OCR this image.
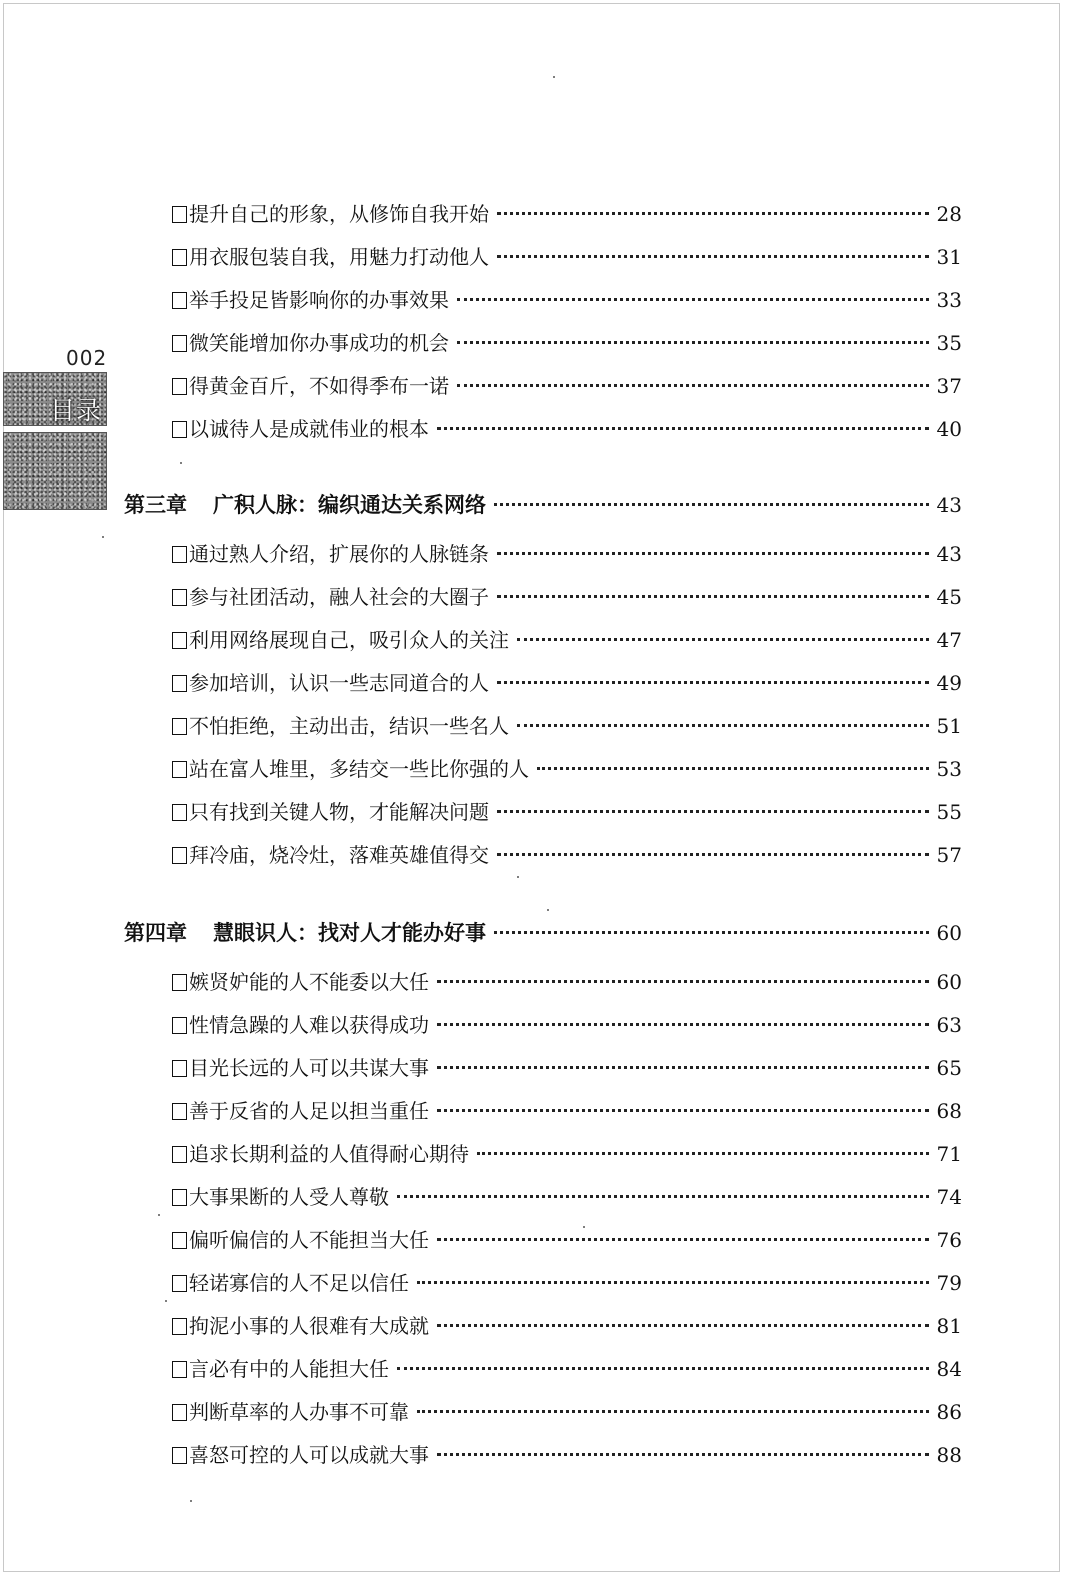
002
目录
提升自己的形象，从修饰自我开始	28
用衣服包装自我，用魅力打动他人	31
举手投足皆影响你的办事效果	33
微笑能增加你办事成功的机会	35
得黄金百斤，不如得季布一诺	37
以诚待人是成就伟业的根本	40
第三章 广积人脉：编织通达关系网络	43
通过熟人介绍，扩展你的人脉链条	43
参与社团活动，融人社会的大圈子	45
利用网络展现自己，吸引众人的关注	47
参加培训，认识一些志同道合的人	49
不怕拒绝，主动出击，结识一些名人	51
站在富人堆里，多结交一些比你强的人	53
只有找到关键人物，才能解决问题	55
拜冷庙，烧冷灶，落难英雄值得交	57
第四章 慧眼识人：找对人才能办好事	60
嫉贤妒能的人不能委以大任	60
性情急躁的人难以获得成功	63
目光长远的人可以共谋大事	65
善于反省的人足以担当重任	68
追求长期利益的人值得耐心期待	71
大事果断的人受人尊敬	74
偏听偏信的人不能担当大任	76
轻诺寡信的人不足以信任	79
拘泥小事的人很难有大成就	81
言必有中的人能担大任	84
判断草率的人办事不可靠	86
喜怒可控的人可以成就大事	88
